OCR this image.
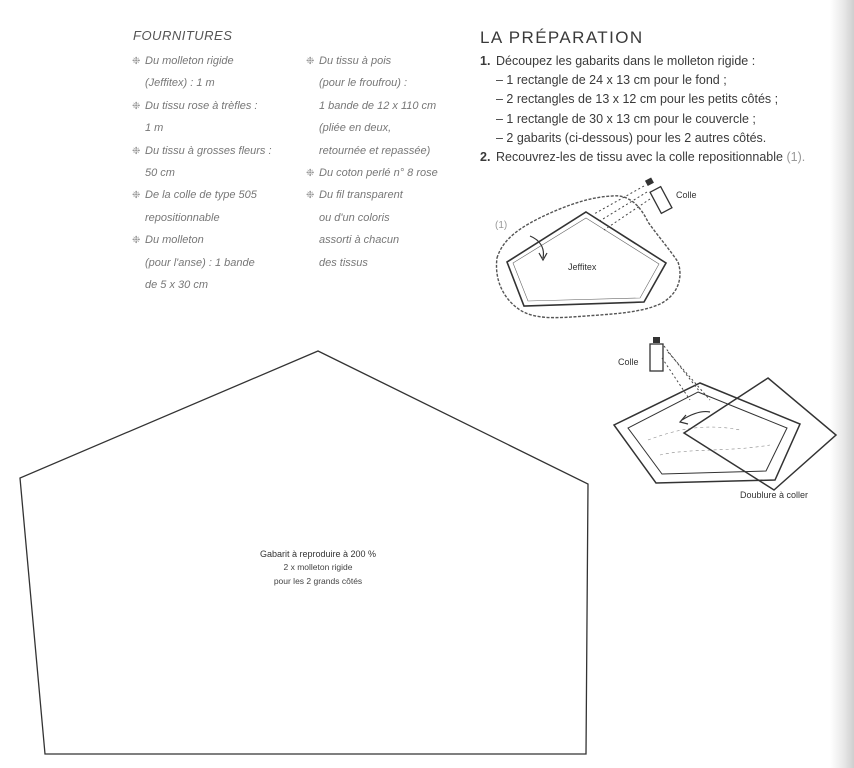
FOURNITURES
❉ Du molleton rigide
(Jeffitex) : 1 m
❉ Du tissu rose à trèfles :
1 m
❉ Du tissu à grosses fleurs :
50 cm
❉ De la colle de type 505
repositionnable
❉ Du molleton
(pour l'anse) : 1 bande
de 5 x 30 cm
❉ Du tissu à pois
(pour le froufrou) :
1 bande de 12 x 110 cm
(pliée en deux,
retournée et repassée)
❉ Du coton perlé n° 8 rose
❉ Du fil transparent
ou d'un coloris
assorti à chacun
des tissus
LA PRÉPARATION
1. Découpez les gabarits dans le molleton rigide :
– 1 rectangle de 24 x 13 cm pour le fond ;
– 2 rectangles de 13 x 12 cm pour les petits côtés ;
– 1 rectangle de 30 x 13 cm pour le couvercle ;
– 2 gabarits (ci-dessous) pour les 2 autres côtés.
2. Recouvrez-les de tissu avec la colle repositionnable (1).
(1)
Jeffitex
Colle
Colle
Doublure à coller
Gabarit à reproduire à 200 %
2 x molleton rigide
pour les 2 grands côtés
